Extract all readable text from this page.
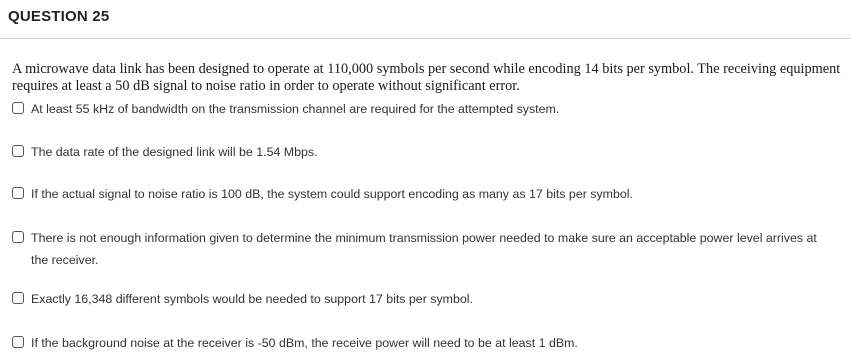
QUESTION 25
A microwave data link has been designed to operate at 110,000 symbols per second while encoding 14 bits per symbol. The receiving equipment requires at least a 50 dB signal to noise ratio in order to operate without significant error.
At least 55 kHz of bandwidth on the transmission channel are required for the attempted system.
The data rate of the designed link will be 1.54 Mbps.
If the actual signal to noise ratio is 100 dB, the system could support encoding as many as 17 bits per symbol.
There is not enough information given to determine the minimum transmission power needed to make sure an acceptable power level arrives at the receiver.
Exactly 16,348 different symbols would be needed to support 17 bits per symbol.
If the background noise at the receiver is -50 dBm, the receive power will need to be at least 1 dBm.
